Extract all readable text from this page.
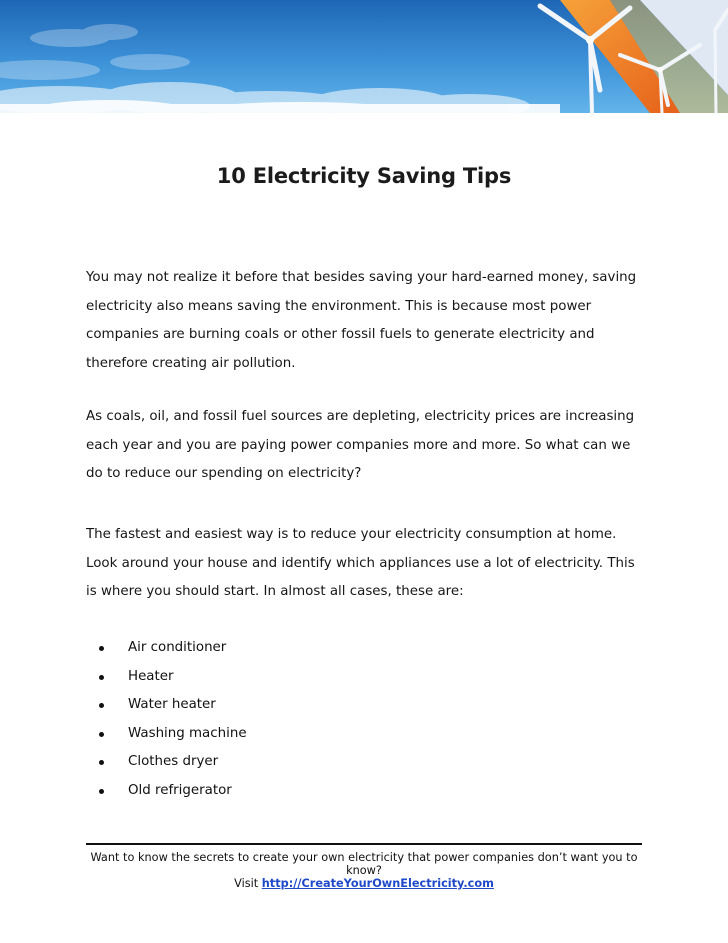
10 Electricity Saving Tips

You may not realize it before that besides saving your hard-earned money, saving electricity also means saving the environment. This is because most power companies are burning coals or other fossil fuels to generate electricity and therefore creating air pollution.

As coals, oil, and fossil fuel sources are depleting, electricity prices are increasing each year and you are paying power companies more and more. So what can we do to reduce our spending on electricity?

The fastest and easiest way is to reduce your electricity consumption at home. Look around your house and identify which appliances use a lot of electricity. This is where you should start. In almost all cases, these are:

Air conditioner
Heater
Water heater
Washing machine
Clothes dryer
Old refrigerator

Want to know the secrets to create your own electricity that power companies don’t want you to know?

Visit http://CreateYourOwnElectricity.com
